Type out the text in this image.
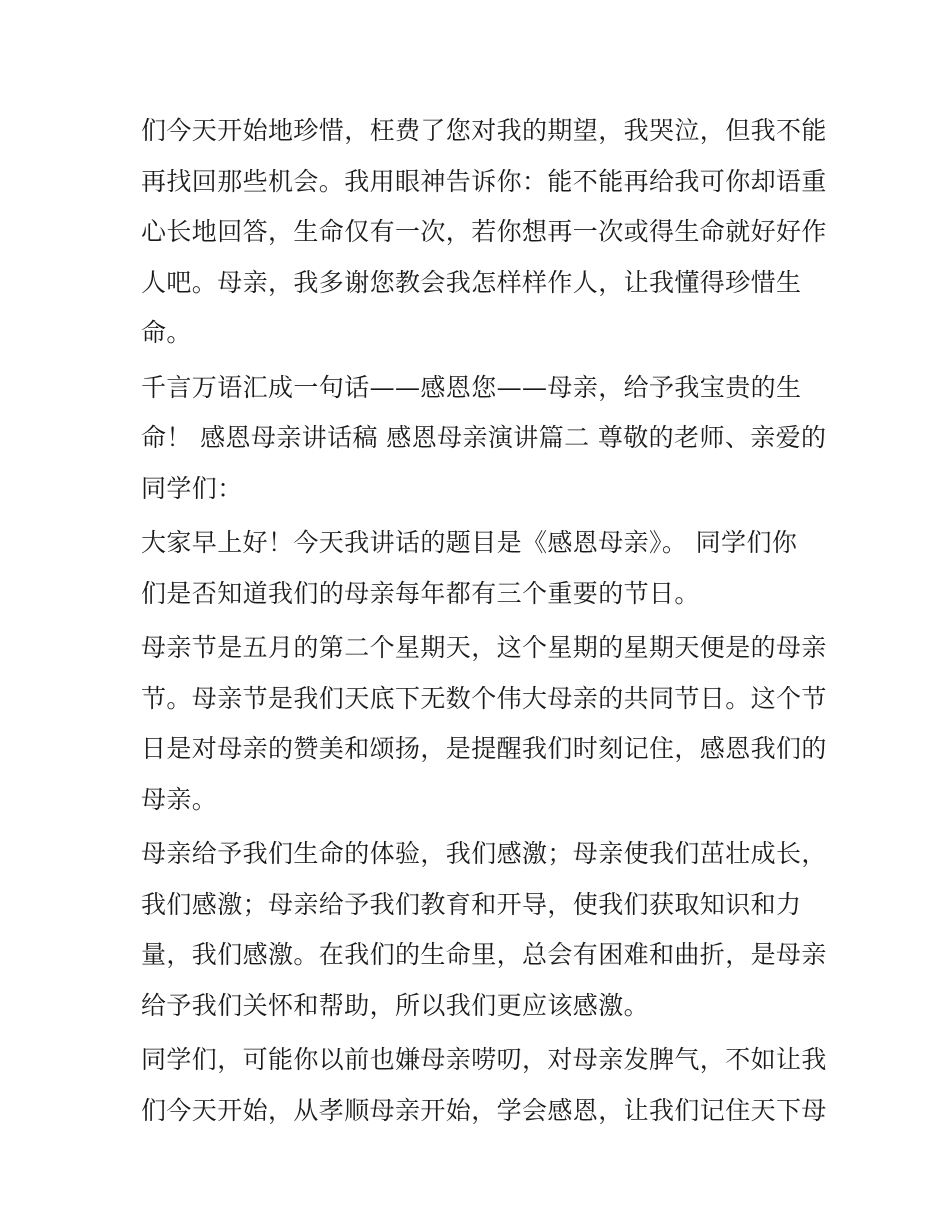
们今天开始地珍惜，枉费了您对我的期望，我哭泣，但我不能
再找回那些机会。我用眼神告诉你：能不能再给我可你却语重
心长地回答，生命仅有一次，若你想再一次或得生命就好好作
人吧。母亲，我多谢您教会我怎样样作人，让我懂得珍惜生
命。

千言万语汇成一句话——感恩您——母亲，给予我宝贵的生
命！ 感恩母亲讲话稿 感恩母亲演讲篇二 尊敬的老师、亲爱的
同学们：

大家早上好！今天我讲话的题目是《感恩母亲》。 同学们你
们是否知道我们的母亲每年都有三个重要的节日。

母亲节是五月的第二个星期天，这个星期的星期天便是的母亲
节。母亲节是我们天底下无数个伟大母亲的共同节日。这个节
日是对母亲的赞美和颂扬，是提醒我们时刻记住，感恩我们的
母亲。

母亲给予我们生命的体验，我们感激；母亲使我们茁壮成长，
我们感激；母亲给予我们教育和开导，使我们获取知识和力
量，我们感激。在我们的生命里，总会有困难和曲折，是母亲
给予我们关怀和帮助，所以我们更应该感激。

同学们，可能你以前也嫌母亲唠叨，对母亲发脾气，不如让我
们今天开始，从孝顺母亲开始，学会感恩，让我们记住天下母
